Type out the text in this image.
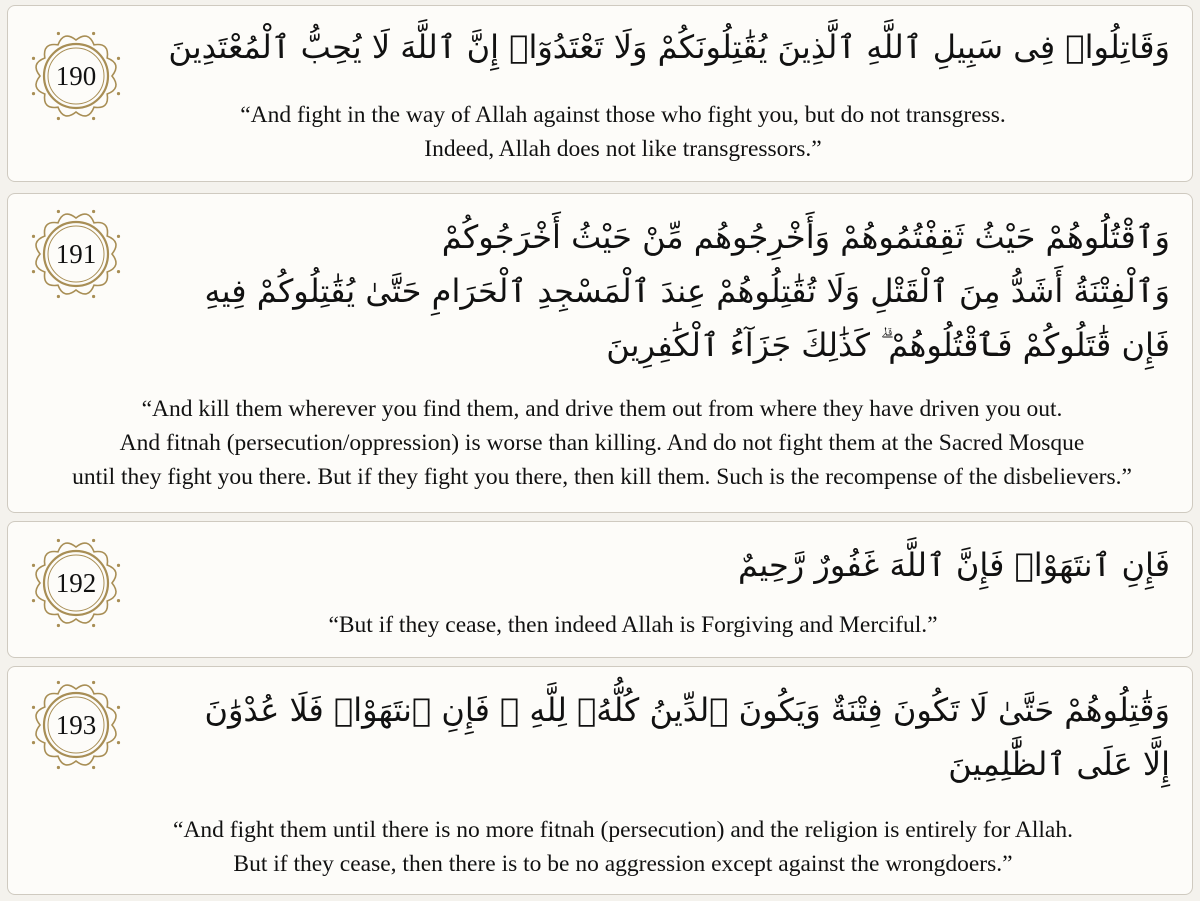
190
وَقَاتِلُوا۟ فِى سَبِيلِ ٱللَّهِ ٱلَّذِينَ يُقَٰتِلُونَكُمْ وَلَا تَعْتَدُوٓا۟ إِنَّ ٱللَّهَ لَا يُحِبُّ ٱلْمُعْتَدِينَ
“And fight in the way of Allah against those who fight you, but do not transgress.
Indeed, Allah does not like transgressors.”
191	وَٱقْتُلُوهُمْ حَيْثُ ثَقِفْتُمُوهُمْ وَأَخْرِجُوهُم مِّنْ حَيْثُ أَخْرَجُوكُمْ
وَٱلْفِتْنَةُ أَشَدُّ مِنَ ٱلْقَتْلِ وَلَا تُقَٰتِلُوهُمْ عِندَ ٱلْمَسْجِدِ ٱلْحَرَامِ حَتَّىٰ يُقَٰتِلُوكُمْ فِيهِ
فَإِن قَٰتَلُوكُمْ فَٱقْتُلُوهُمْ ۗ كَذَٰلِكَ جَزَآءُ ٱلْكَٰفِرِينَ
“And kill them wherever you find them, and drive them out from where they have driven you out.
And fitnah (persecution/oppression) is worse than killing. And do not fight them at the Sacred Mosque
until they fight you there. But if they fight you there, then kill them. Such is the recompense of the disbelievers.”
192	فَإِنِ ٱنتَهَوْا۟ فَإِنَّ ٱللَّهَ غَفُورٌ رَّحِيمٌ
“But if they cease, then indeed Allah is Forgiving and Merciful.”
193	وَقَٰتِلُوهُمْ حَتَّىٰ لَا تَكُونَ فِتْنَةٌ وَيَكُونَ ٱلدِّينُ كُلُّهُۥ لِلَّهِ ۖ فَإِنِ ٱنتَهَوْا۟ فَلَا عُدْوَٰنَ
إِلَّا عَلَى ٱلظَّٰلِمِينَ
“And fight them until there is no more fitnah (persecution) and the religion is entirely for Allah.
But if they cease, then there is to be no aggression except against the wrongdoers.”
